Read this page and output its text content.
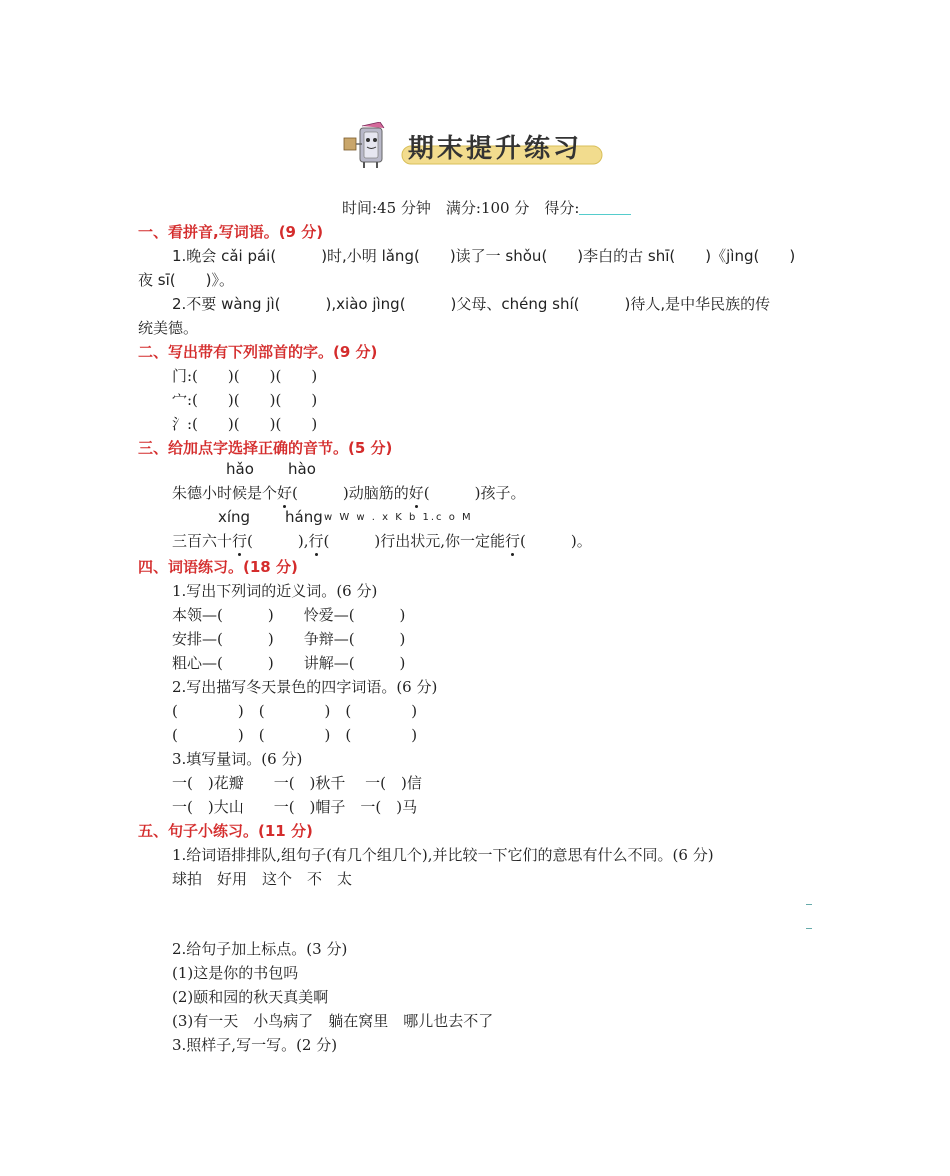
期末提升练习
时间:45 分钟　满分:100 分　得分:
一、看拼音,写词语。(9 分)
1.晚会 cǎi pái(　　　)时,小明 lǎng(　　)读了一 shǒu(　　)李白的古 shī(　　)《jìng(　　)
夜 sī(　　)》。
2.不要 wàng jì(　　　),xiào jìng(　　　)父母、chéng shí(　　　)待人,是中华民族的传
统美德。
二、写出带有下列部首的字。(9 分)
门:(　　)(　　)(　　)
宀:(　　)(　　)(　　)
氵:(　　)(　　)(　　)
三、给加点字选择正确的音节。(5 分)
hǎo hào
朱德小时候是个好(　　　)动脑筋的好(　　　)孩子。
xíng háng w W w . x K b 1.c o M
三百六十行(　　　),行(　　　)行出状元,你一定能行(　　　)。
四、词语练习。(18 分)
1.写出下列词的近义词。(6 分)
本领—(　　　)　　怜爱—(　　　)
安排—(　　　)　　争辩—(　　　)
粗心—(　　　)　　讲解—(　　　)
2.写出描写冬天景色的四字词语。(6 分)
(　　　　)　(　　　　)　(　　　　)
(　　　　)　(　　　　)　(　　　　)
3.填写量词。(6 分)
一(　)花瓣　　一(　)秋千　 一(　)信
一(　)大山　　一(　)帽子　一(　)马
五、句子小练习。(11 分)
1.给词语排排队,组句子(有几个组几个),并比较一下它们的意思有什么不同。(6 分)
球拍　好用　这个　不　太
2.给句子加上标点。(3 分)
(1)这是你的书包吗
(2)颐和园的秋天真美啊
(3)有一天　小鸟病了　躺在窝里　哪儿也去不了
3.照样子,写一写。(2 分)
